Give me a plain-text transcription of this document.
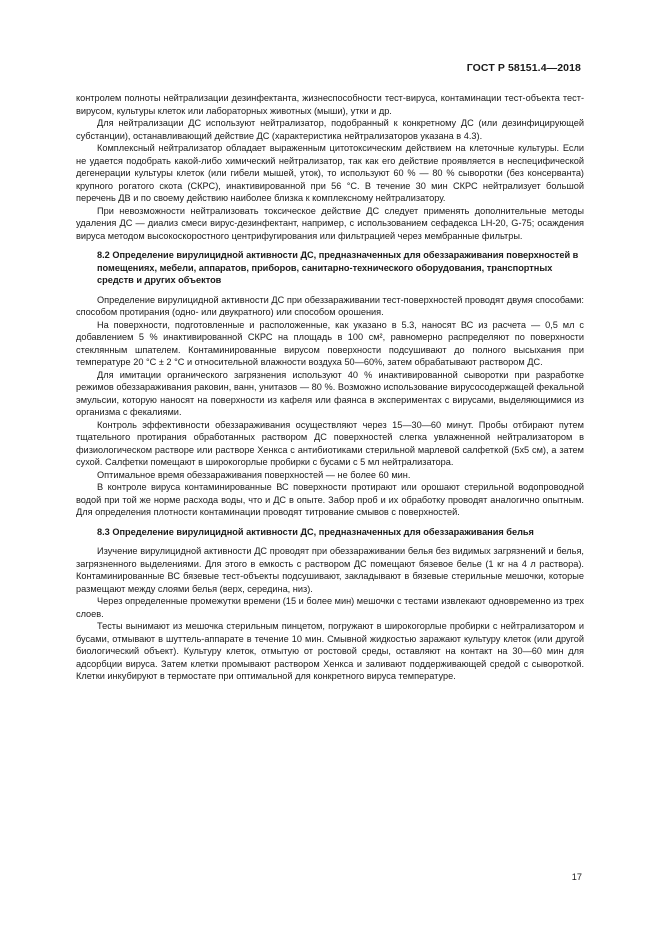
ГОСТ Р 58151.4—2018

контролем полноты нейтрализации дезинфектанта, жизнеспособности тест-вируса, контаминации тест-объекта тест-вирусом, культуры клеток или лабораторных животных (мыши), утки и др.

Для нейтрализации ДС используют нейтрализатор, подобранный к конкретному ДС (или дезинфицирующей субстанции), останавливающий действие ДС (характеристика нейтрализаторов указана в 4.3).

Комплексный нейтрализатор обладает выраженным цитотоксическим действием на клеточные культуры. Если не удается подобрать какой-либо химический нейтрализатор, так как его действие проявляется в неспецифической дегенерации культуры клеток (или гибели мышей, уток), то используют 60 % — 80 % сыворотки (без консерванта) крупного рогатого скота (СКРС), инактивированной при 56 °С. В течение 30 мин СКРС нейтрализует большой перечень ДВ и по своему действию наиболее близка к комплексному нейтрализатору.

При невозможности нейтрализовать токсическое действие ДС следует применять дополнительные методы удаления ДС — диализ смеси вирус-дезинфектант, например, с использованием сефадекса LH-20, G-75; осаждения вируса методом высокоскоростного центрифугирования или фильтрацией через мембранные фильтры.

8.2 Определение вирулицидной активности ДС, предназначенных для обеззараживания поверхностей в помещениях, мебели, аппаратов, приборов, санитарно-технического оборудования, транспортных средств и других объектов

Определение вирулицидной активности ДС при обеззараживании тест-поверхностей проводят двумя способами: способом протирания (одно- или двукратного) или способом орошения.

На поверхности, подготовленные и расположенные, как указано в 5.3, наносят ВС из расчета — 0,5 мл с добавлением 5 % инактивированной СКРС на площадь в 100 см², равномерно распределяют по поверхности стеклянным шпателем. Контаминированные вирусом поверхности подсушивают до полного высыхания при температуре 20 °С ± 2 °С и относительной влажности воздуха 50—60%, затем обрабатывают раствором ДС.

Для имитации органического загрязнения используют 40 % инактивированной сыворотки при разработке режимов обеззараживания раковин, ванн, унитазов — 80 %. Возможно использование вирусосодержащей фекальной эмульсии, которую наносят на поверхности из кафеля или фаянса в экспериментах с вирусами, выделяющимися из организма с фекалиями.

Контроль эффективности обеззараживания осуществляют через 15—30—60 минут. Пробы отбирают путем тщательного протирания обработанных раствором ДС поверхностей слегка увлажненной нейтрализатором в физиологическом растворе или растворе Хенкса с антибиотиками стерильной марлевой салфеткой (5х5 см), а затем сухой. Салфетки помещают в широкогорлые пробирки с бусами с 5 мл нейтрализатора.

Оптимальное время обеззараживания поверхностей — не более 60 мин.

В контроле вируса контаминированные ВС поверхности протирают или орошают стерильной водопроводной водой при той же норме расхода воды, что и ДС в опыте. Забор проб и их обработку проводят аналогично опытным. Для определения плотности контаминации проводят титрование смывов с поверхностей.

8.3 Определение вирулицидной активности ДС, предназначенных для обеззараживания белья

Изучение вирулицидной активности ДС проводят при обеззараживании белья без видимых загрязнений и белья, загрязненного выделениями. Для этого в емкость с раствором ДС помещают бязевое белье (1 кг на 4 л раствора). Контаминированные ВС бязевые тест-объекты подсушивают, закладывают в бязевые стерильные мешочки, которые размещают между слоями белья (верх, середина, низ).

Через определенные промежутки времени (15 и более мин) мешочки с тестами извлекают одновременно из трех слоев.

Тесты вынимают из мешочка стерильным пинцетом, погружают в широкогорлые пробирки с нейтрализатором и бусами, отмывают в шуттель-аппарате в течение 10 мин. Смывной жидкостью заражают культуру клеток (или другой биологический объект). Культуру клеток, отмытую от ростовой среды, оставляют на контакт на 30—60 мин для адсорбции вируса. Затем клетки промывают раствором Хенкса и заливают поддерживающей средой с сывороткой. Клетки инкубируют в термостате при оптимальной для конкретного вируса температуре.

17
